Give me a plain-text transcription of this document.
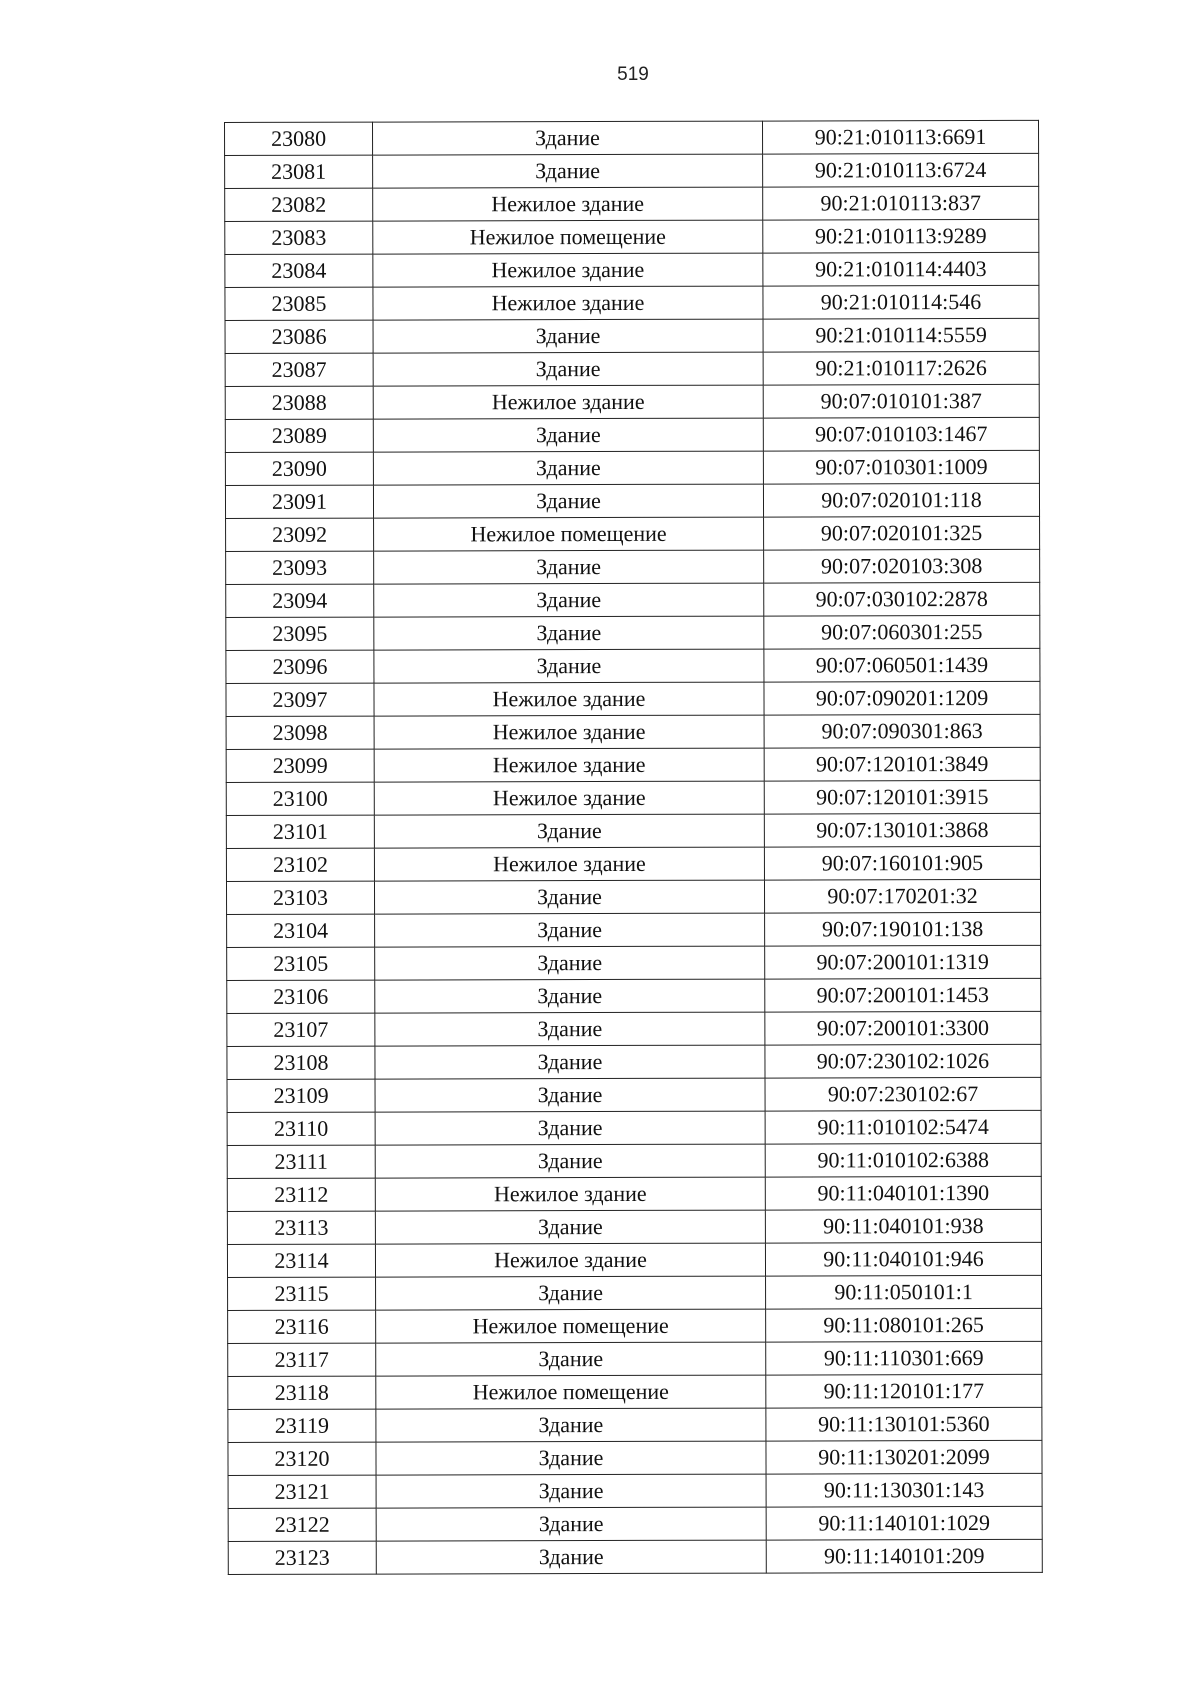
519
23080	Здание	90:21:010113:6691
23081	Здание	90:21:010113:6724
23082	Нежилое здание	90:21:010113:837
23083	Нежилое помещение	90:21:010113:9289
23084	Нежилое здание	90:21:010114:4403
23085	Нежилое здание	90:21:010114:546
23086	Здание	90:21:010114:5559
23087	Здание	90:21:010117:2626
23088	Нежилое здание	90:07:010101:387
23089	Здание	90:07:010103:1467
23090	Здание	90:07:010301:1009
23091	Здание	90:07:020101:118
23092	Нежилое помещение	90:07:020101:325
23093	Здание	90:07:020103:308
23094	Здание	90:07:030102:2878
23095	Здание	90:07:060301:255
23096	Здание	90:07:060501:1439
23097	Нежилое здание	90:07:090201:1209
23098	Нежилое здание	90:07:090301:863
23099	Нежилое здание	90:07:120101:3849
23100	Нежилое здание	90:07:120101:3915
23101	Здание	90:07:130101:3868
23102	Нежилое здание	90:07:160101:905
23103	Здание	90:07:170201:32
23104	Здание	90:07:190101:138
23105	Здание	90:07:200101:1319
23106	Здание	90:07:200101:1453
23107	Здание	90:07:200101:3300
23108	Здание	90:07:230102:1026
23109	Здание	90:07:230102:67
23110	Здание	90:11:010102:5474
23111	Здание	90:11:010102:6388
23112	Нежилое здание	90:11:040101:1390
23113	Здание	90:11:040101:938
23114	Нежилое здание	90:11:040101:946
23115	Здание	90:11:050101:1
23116	Нежилое помещение	90:11:080101:265
23117	Здание	90:11:110301:669
23118	Нежилое помещение	90:11:120101:177
23119	Здание	90:11:130101:5360
23120	Здание	90:11:130201:2099
23121	Здание	90:11:130301:143
23122	Здание	90:11:140101:1029
23123	Здание	90:11:140101:209
